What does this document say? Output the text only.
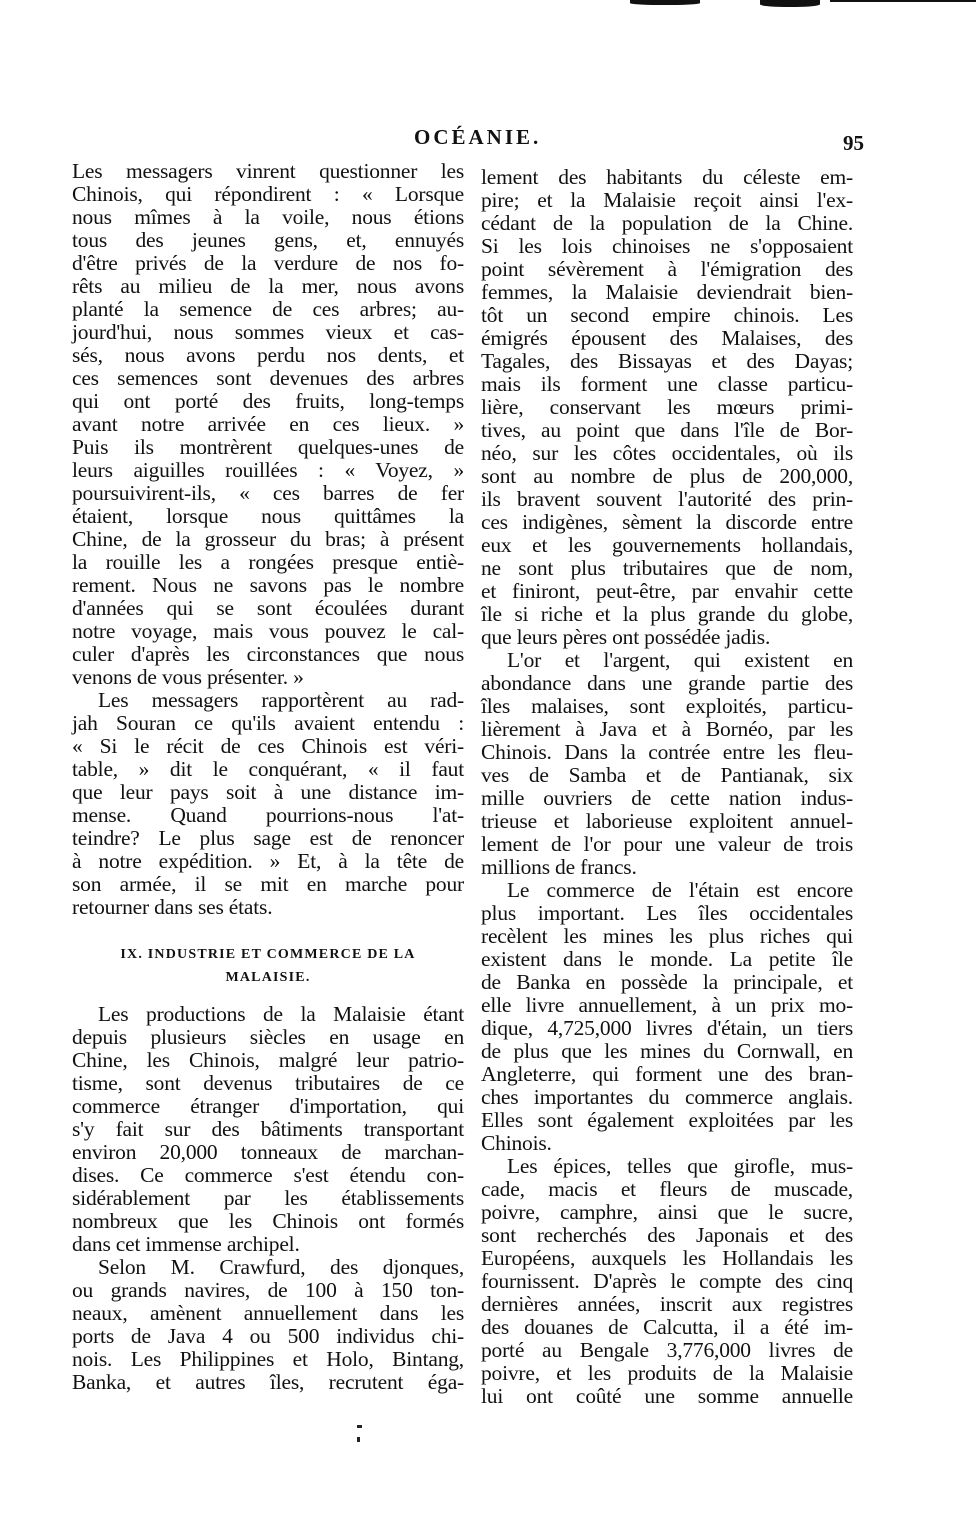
OCÉANIE.	95
Les messagers vinrent questionner les
Chinois, qui répondirent : « Lorsque
nous mîmes à la voile, nous étions
tous des jeunes gens, et, ennuyés
d'être privés de la verdure de nos fo-
rêts au milieu de la mer, nous avons
planté la semence de ces arbres; au-
jourd'hui, nous sommes vieux et cas-
sés, nous avons perdu nos dents, et
ces semences sont devenues des arbres
qui ont porté des fruits, long-temps
avant notre arrivée en ces lieux. »
Puis ils montrèrent quelques-unes de
leurs aiguilles rouillées : « Voyez, »
poursuivirent-ils, « ces barres de fer
étaient, lorsque nous quittâmes la
Chine, de la grosseur du bras; à présent
la rouille les a rongées presque entiè-
rement. Nous ne savons pas le nombre
d'années qui se sont écoulées durant
notre voyage, mais vous pouvez le cal-
culer d'après les circonstances que nous
venons de vous présenter. »
Les messagers rapportèrent au rad-
jah Souran ce qu'ils avaient entendu :
« Si le récit de ces Chinois est véri-
table, » dit le conquérant, « il faut
que leur pays soit à une distance im-
mense. Quand pourrions-nous l'at-
teindre? Le plus sage est de renoncer
à notre expédition. » Et, à la tête de
son armée, il se mit en marche pour
retourner dans ses états.
IX. INDUSTRIE ET COMMERCE DE LA
MALAISIE.
Les productions de la Malaisie étant
depuis plusieurs siècles en usage en
Chine, les Chinois, malgré leur patrio-
tisme, sont devenus tributaires de ce
commerce étranger d'importation, qui
s'y fait sur des bâtiments transportant
environ 20,000 tonneaux de marchan-
dises. Ce commerce s'est étendu con-
sidérablement par les établissements
nombreux que les Chinois ont formés
dans cet immense archipel.
Selon M. Crawfurd, des djonques,
ou grands navires, de 100 à 150 ton-
neaux, amènent annuellement dans les
ports de Java 4 ou 500 individus chi-
nois. Les Philippines et Holo, Bintang,
Banka, et autres îles, recrutent éga-
lement des habitants du céleste em-
pire; et la Malaisie reçoit ainsi l'ex-
cédant de la population de la Chine.
Si les lois chinoises ne s'opposaient
point sévèrement à l'émigration des
femmes, la Malaisie deviendrait bien-
tôt un second empire chinois. Les
émigrés épousent des Malaises, des
Tagales, des Bissayas et des Dayas;
mais ils forment une classe particu-
lière, conservant les mœurs primi-
tives, au point que dans l'île de Bor-
néo, sur les côtes occidentales, où ils
sont au nombre de plus de 200,000,
ils bravent souvent l'autorité des prin-
ces indigènes, sèment la discorde entre
eux et les gouvernements hollandais,
ne sont plus tributaires que de nom,
et finiront, peut-être, par envahir cette
île si riche et la plus grande du globe,
que leurs pères ont possédée jadis.
L'or et l'argent, qui existent en
abondance dans une grande partie des
îles malaises, sont exploités, particu-
lièrement à Java et à Bornéo, par les
Chinois. Dans la contrée entre les fleu-
ves de Samba et de Pantianak, six
mille ouvriers de cette nation indus-
trieuse et laborieuse exploitent annuel-
lement de l'or pour une valeur de trois
millions de francs.
Le commerce de l'étain est encore
plus important. Les îles occidentales
recèlent les mines les plus riches qui
existent dans le monde. La petite île
de Banka en possède la principale, et
elle livre annuellement, à un prix mo-
dique, 4,725,000 livres d'étain, un tiers
de plus que les mines du Cornwall, en
Angleterre, qui forment une des bran-
ches importantes du commerce anglais.
Elles sont également exploitées par les
Chinois.
Les épices, telles que girofle, mus-
cade, macis et fleurs de muscade,
poivre, camphre, ainsi que le sucre,
sont recherchés des Japonais et des
Européens, auxquels les Hollandais les
fournissent. D'après le compte des cinq
dernières années, inscrit aux registres
des douanes de Calcutta, il a été im-
porté au Bengale 3,776,000 livres de
poivre, et les produits de la Malaisie
lui ont coûté une somme annuelle
